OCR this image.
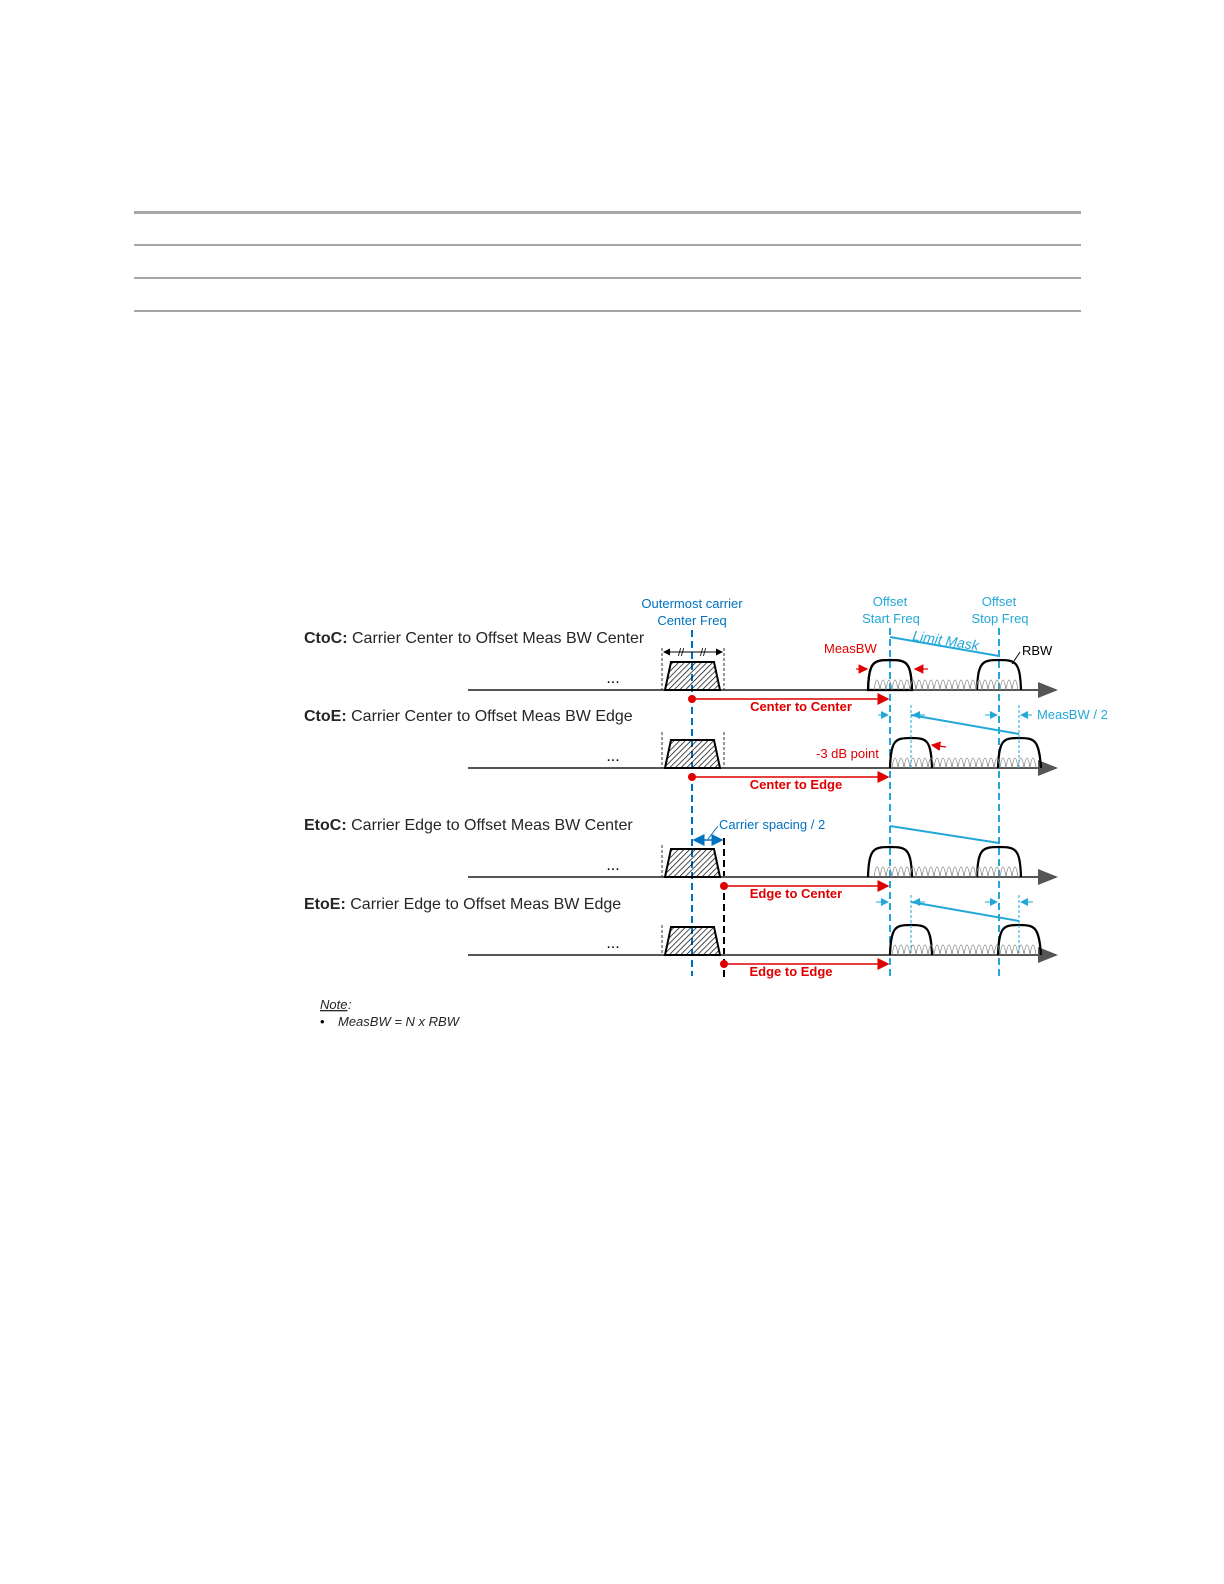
Outermost carrier
Center Freq
Offset
Start Freq
Offset
Stop Freq
CtoC: Carrier Center to Offset Meas BW Center
CtoE: Carrier Center to Offset Meas BW Edge
EtoC: Carrier Edge to Offset Meas BW Center
EtoE: Carrier Edge to Offset Meas BW Edge
...
// //
Center to Center
Limit Mask
MeasBW	RBW
...
Center to Edge
MeasBW / 2
-3 dB point
...
Carrier spacing / 2
Edge to Center
...
Edge to Edge
Note :
• MeasBW = N x RBW
